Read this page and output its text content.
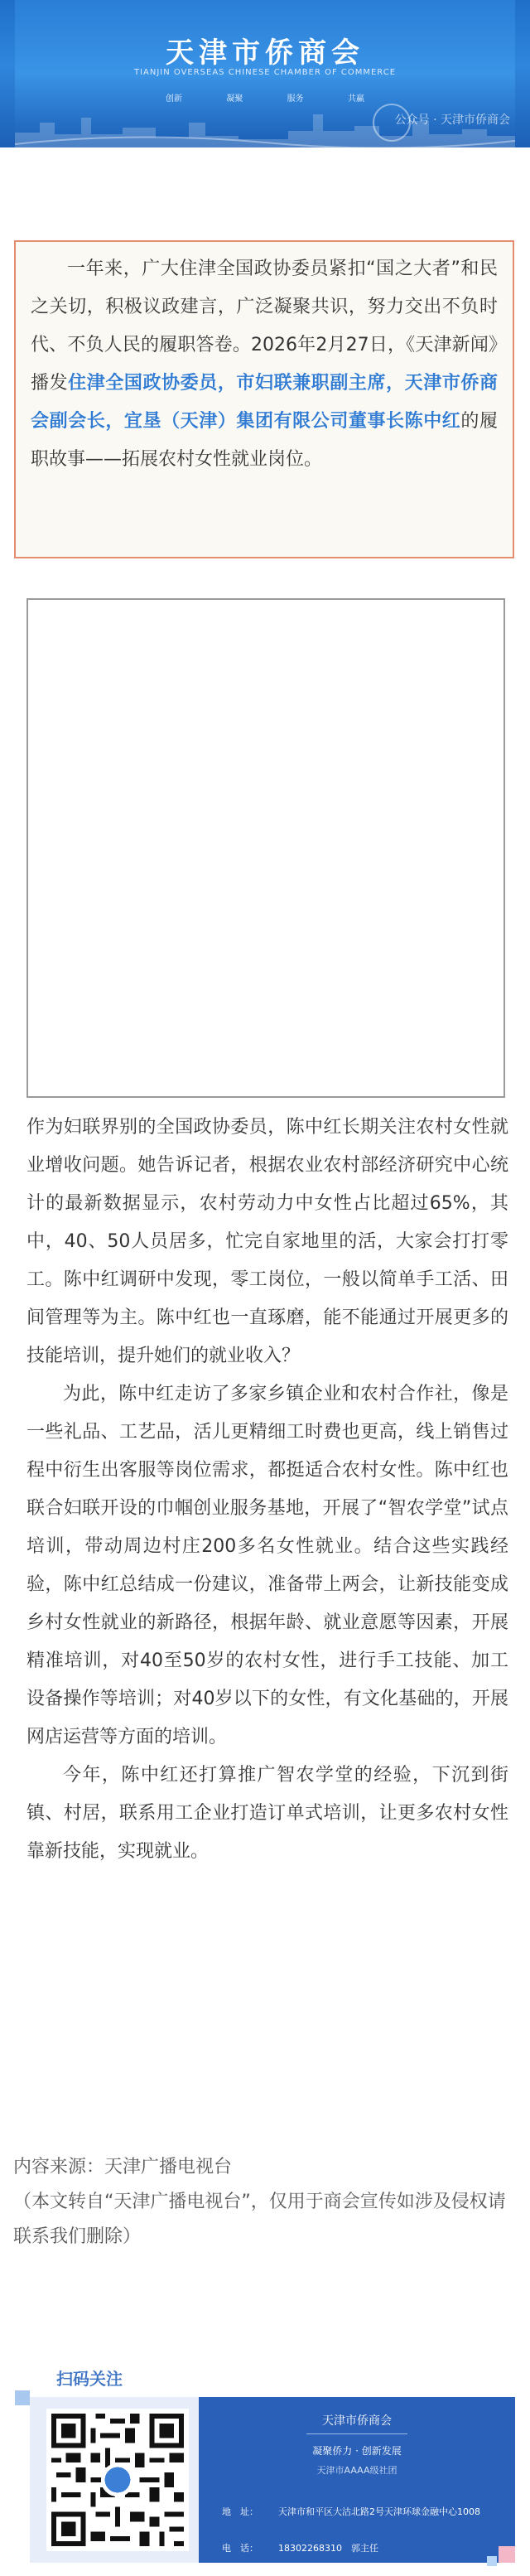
天津市侨商会
TIANJIN OVERSEAS CHINESE CHAMBER OF COMMERCE
创新	凝聚	服务	共赢
公众号 · 天津市侨商会

一年来，广大住津全国政协委员紧扣“国之大者”和民之关切，积极议政建言，广泛凝聚共识，努力交出不负时代、不负人民的履职答卷。2026年2月27日，《天津新闻》播发住津全国政协委员，市妇联兼职副主席，天津市侨商会副会长，宜垦（天津）集团有限公司董事长陈中红的履职故事——拓展农村女性就业岗位。

作为妇联界别的全国政协委员，陈中红长期关注农村女性就业增收问题。她告诉记者，根据农业农村部经济研究中心统计的最新数据显示，农村劳动力中女性占比超过65%，其中，40、50人员居多，忙完自家地里的活，大家会打打零工。陈中红调研中发现，零工岗位，一般以简单手工活、田间管理等为主。陈中红也一直琢磨，能不能通过开展更多的技能培训，提升她们的就业收入？

为此，陈中红走访了多家乡镇企业和农村合作社，像是一些礼品、工艺品，活儿更精细工时费也更高，线上销售过程中衍生出客服等岗位需求，都挺适合农村女性。陈中红也联合妇联开设的巾帼创业服务基地，开展了“智农学堂”试点培训，带动周边村庄200多名女性就业。结合这些实践经验，陈中红总结成一份建议，准备带上两会，让新技能变成乡村女性就业的新路径，根据年龄、就业意愿等因素，开展精准培训，对40至50岁的农村女性，进行手工技能、加工设备操作等培训；对40岁以下的女性，有文化基础的，开展网店运营等方面的培训。

今年，陈中红还打算推广智农学堂的经验，下沉到街镇、村居，联系用工企业打造订单式培训，让更多农村女性靠新技能，实现就业。

内容来源：天津广播电视台
（本文转自“天津广播电视台”，仅用于商会宣传如涉及侵权请联系我们删除）
扫码关注
天津市侨商会
凝聚侨力 · 创新发展
天津市AAAA级社团
地　址： 天津市和平区大沽北路2号天津环球金融中心1008
电　话： 18302268310　郭主任
